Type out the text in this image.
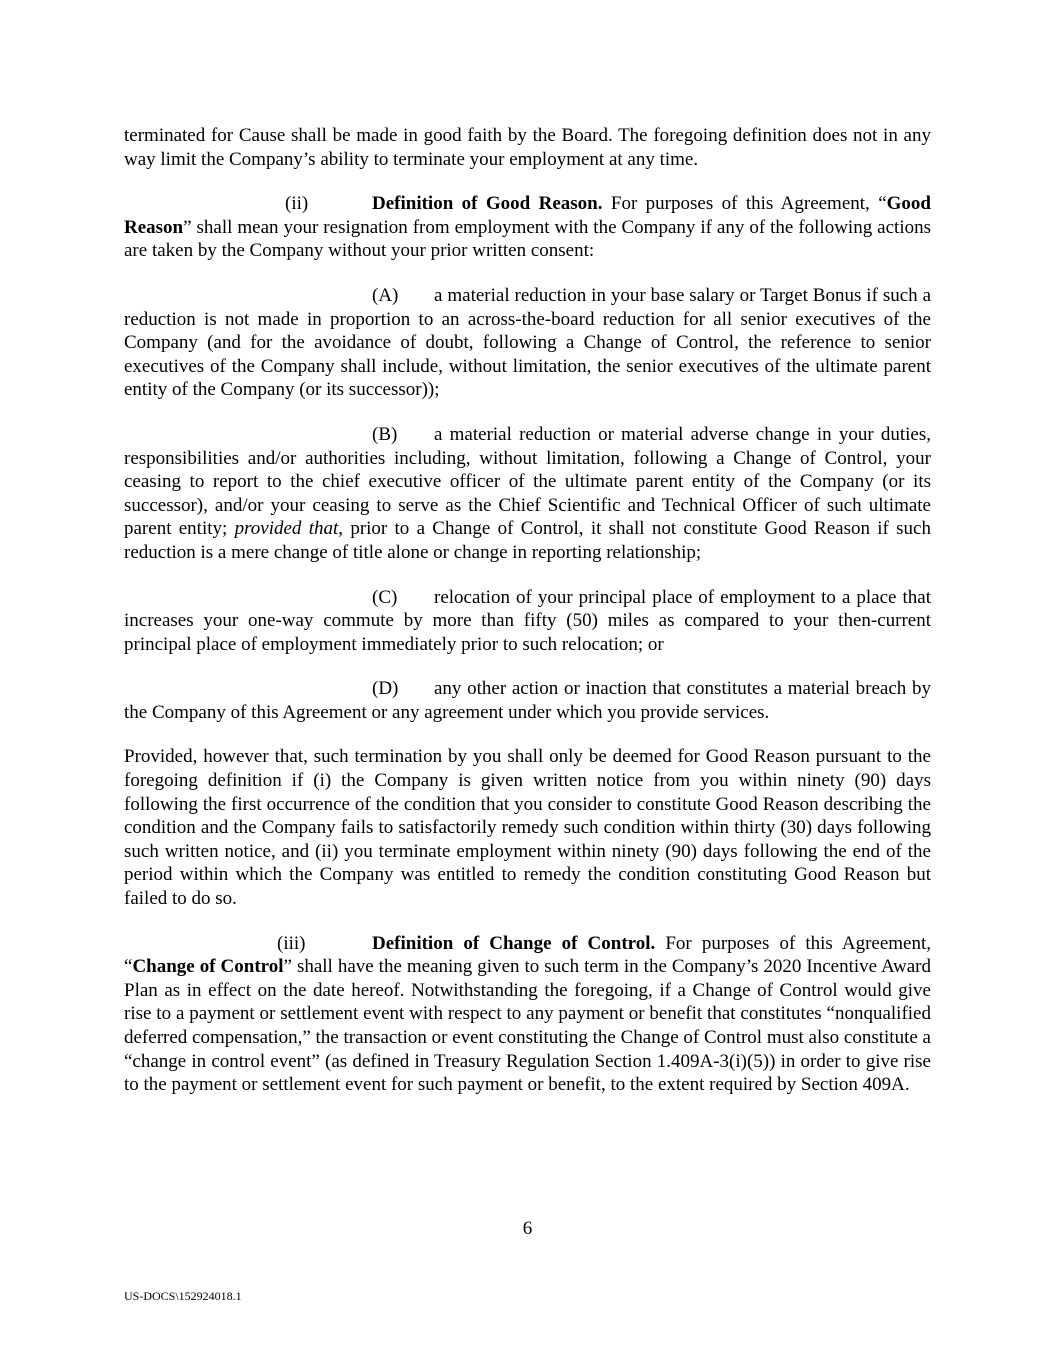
terminated for Cause shall be made in good faith by the Board. The foregoing definition does not in any way limit the Company’s ability to terminate your employment at any time.

(ii)	Definition of Good Reason. For purposes of this Agreement, “Good Reason” shall mean your resignation from employment with the Company if any of the following actions are taken by the Company without your prior written consent:

(A) a material reduction in your base salary or Target Bonus if such a reduction is not made in proportion to an across-the-board reduction for all senior executives of the Company (and for the avoidance of doubt, following a Change of Control, the reference to senior executives of the Company shall include, without limitation, the senior executives of the ultimate parent entity of the Company (or its successor));

(B) a material reduction or material adverse change in your duties, responsibilities and/or authorities including, without limitation, following a Change of Control, your ceasing to report to the chief executive officer of the ultimate parent entity of the Company (or its successor), and/or your ceasing to serve as the Chief Scientific and Technical Officer of such ultimate parent entity; provided that, prior to a Change of Control, it shall not constitute Good Reason if such reduction is a mere change of title alone or change in reporting relationship;

(C) relocation of your principal place of employment to a place that increases your one-way commute by more than fifty (50) miles as compared to your then-current principal place of employment immediately prior to such relocation; or

(D) any other action or inaction that constitutes a material breach by the Company of this Agreement or any agreement under which you provide services.

Provided, however that, such termination by you shall only be deemed for Good Reason pursuant to the foregoing definition if (i) the Company is given written notice from you within ninety (90) days following the first occurrence of the condition that you consider to constitute Good Reason describing the condition and the Company fails to satisfactorily remedy such condition within thirty (30) days following such written notice, and (ii) you terminate employment within ninety (90) days following the end of the period within which the Company was entitled to remedy the condition constituting Good Reason but failed to do so.

(iii)	Definition of Change of Control. For purposes of this Agreement, “Change of Control” shall have the meaning given to such term in the Company’s 2020 Incentive Award Plan as in effect on the date hereof. Notwithstanding the foregoing, if a Change of Control would give rise to a payment or settlement event with respect to any payment or benefit that constitutes “nonqualified deferred compensation,” the transaction or event constituting the Change of Control must also constitute a “change in control event” (as defined in Treasury Regulation Section 1.409A-3(i)(5)) in order to give rise to the payment or settlement event for such payment or benefit, to the extent required by Section 409A.

6
US-DOCS\152924018.1
